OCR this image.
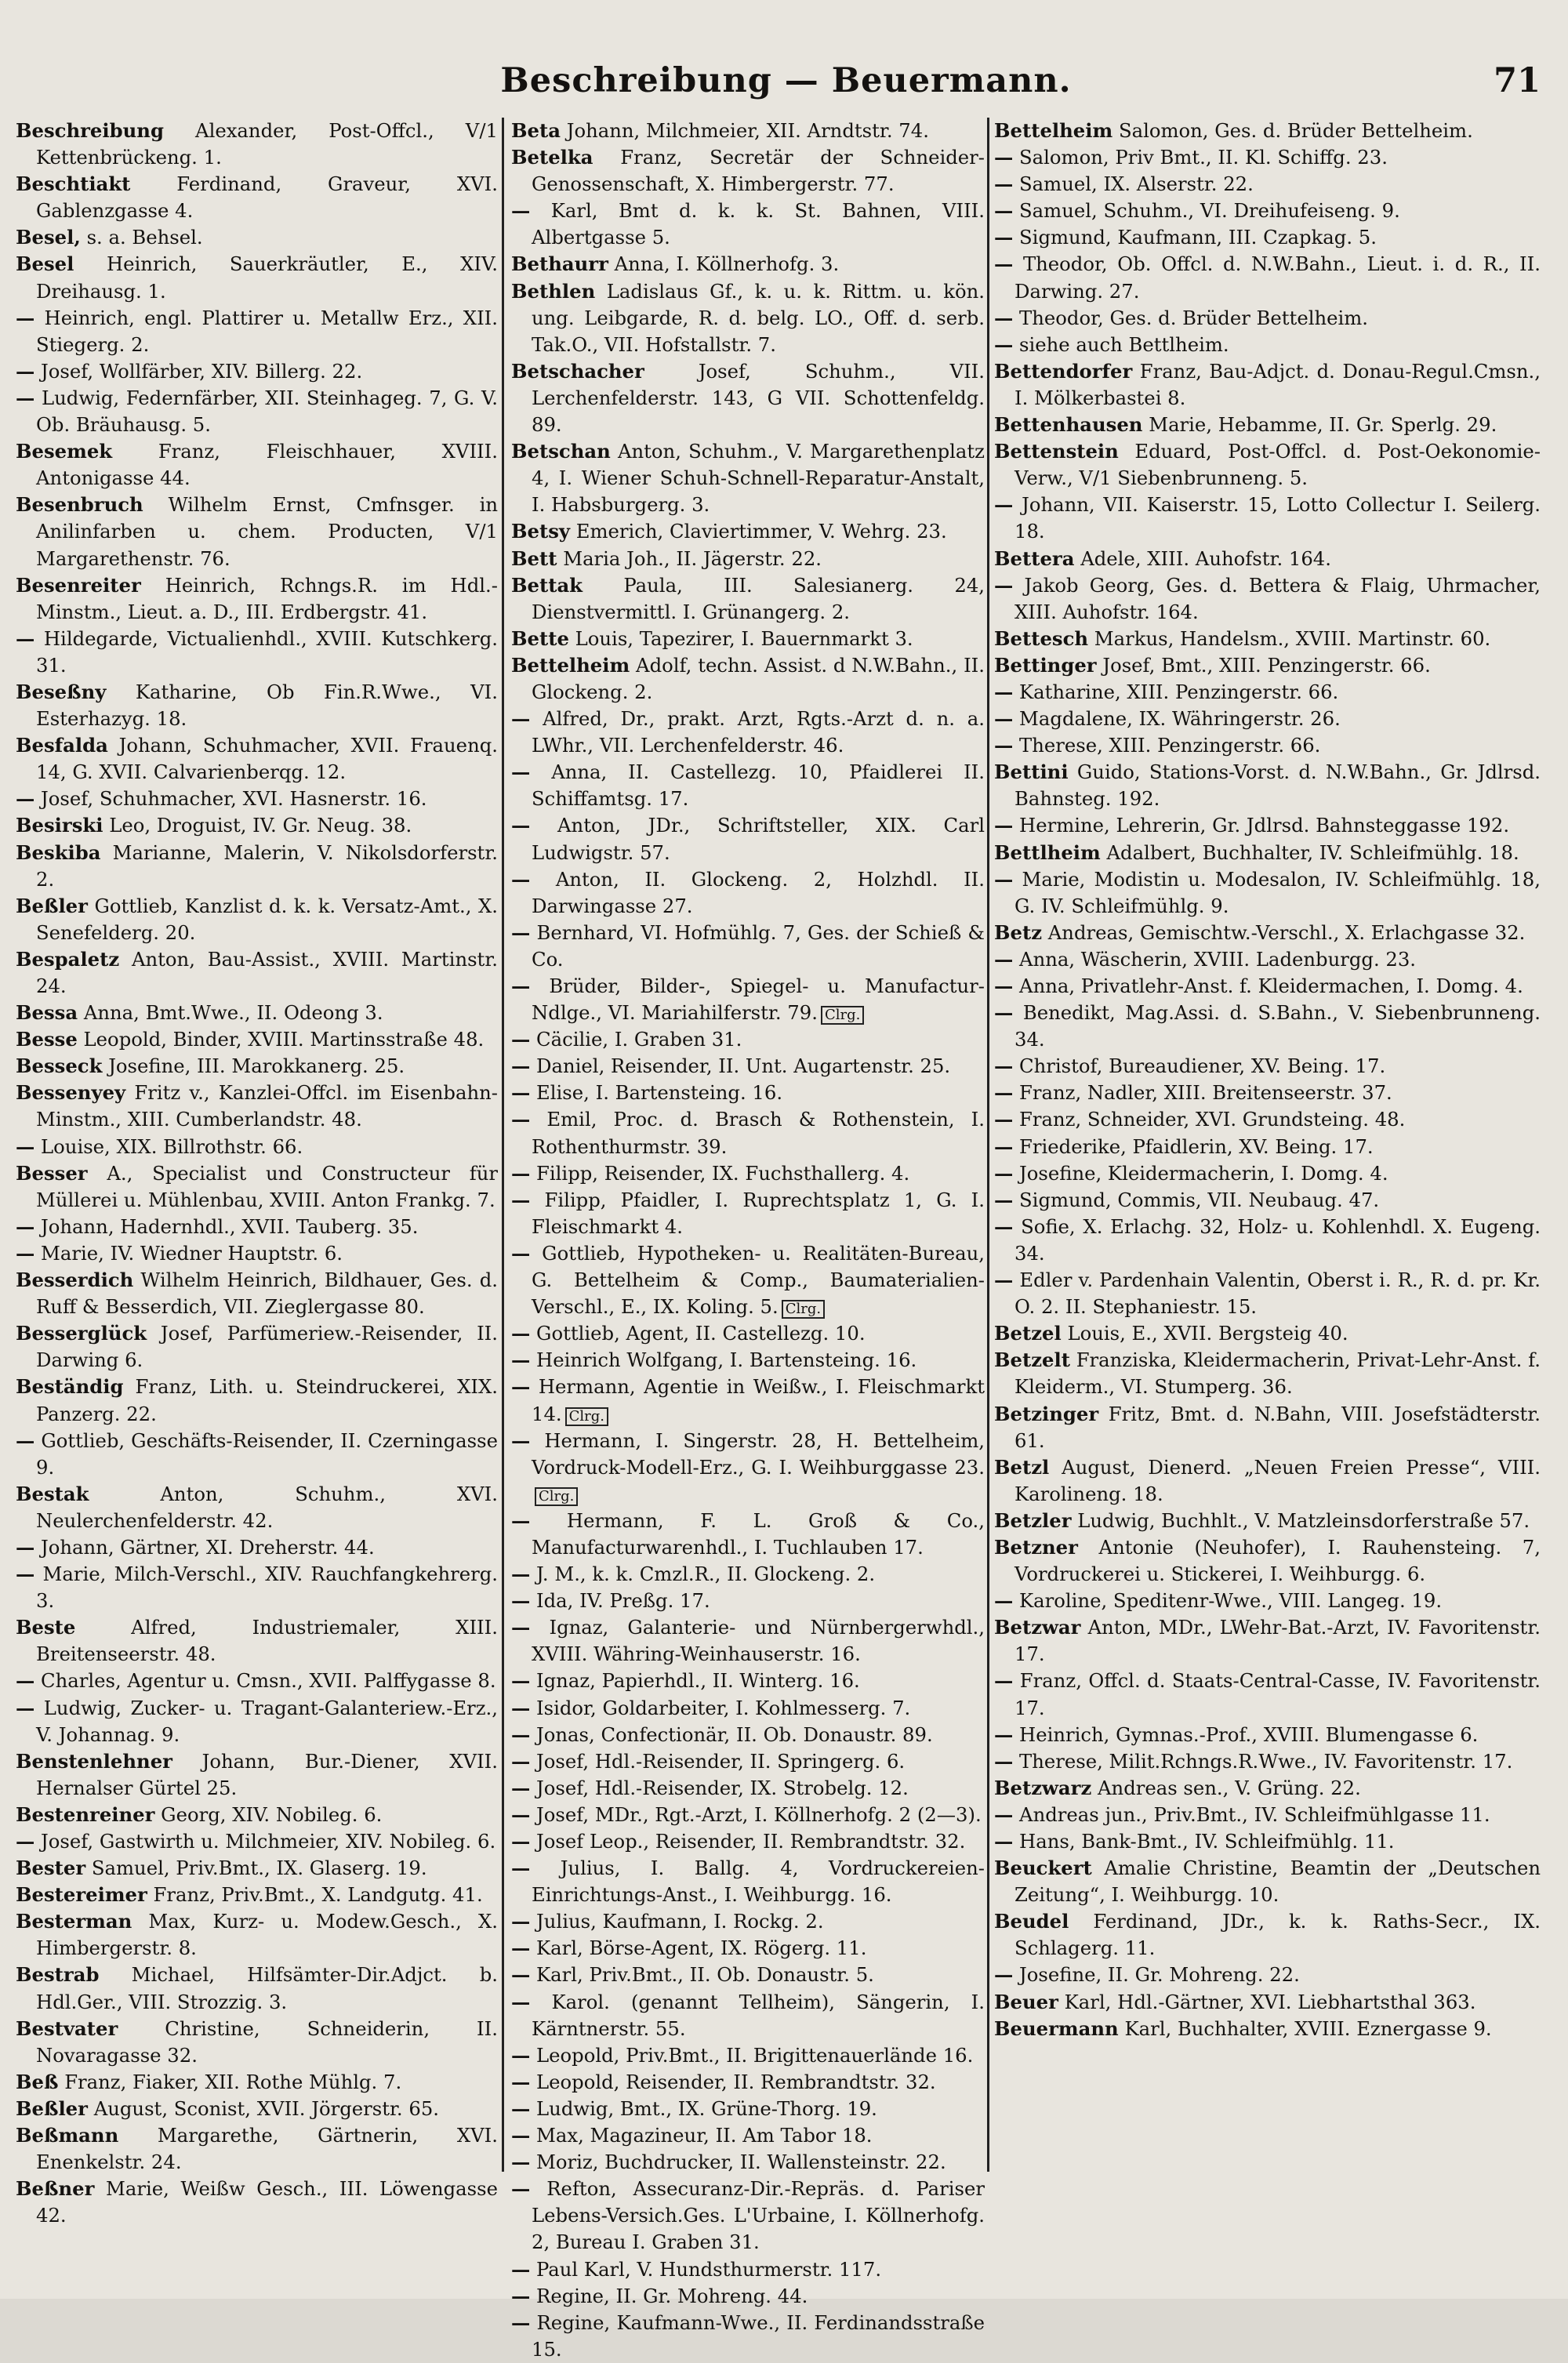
Beschreibung — Beuermann.	71

Beschreibung Alexander, Post-Offcl., V/1 Kettenbrückeng. 1.

Beschtiakt Ferdinand, Graveur, XVI. Gablenzgasse 4.

Besel, s. a. Behsel.

Besel Heinrich, Sauerkräutler, E., XIV. Dreihausg. 1.

— Heinrich, engl. Plattirer u. Metallw Erz., XII. Stiegerg. 2.

— Josef, Wollfärber, XIV. Billerg. 22.

— Ludwig, Federnfärber, XII. Steinhageg. 7, G. V. Ob. Bräuhausg. 5.

Besemek Franz, Fleischhauer, XVIII. Antonigasse 44.

Besenbruch Wilhelm Ernst, Cmfnsger. in Anilinfarben u. chem. Producten, V/1 Margarethenstr. 76.

Besenreiter Heinrich, Rchngs.R. im Hdl.-Minstm., Lieut. a. D., III. Erdbergstr. 41.

— Hildegarde, Victualienhdl., XVIII. Kutschkerg. 31.

Beseßny Katharine, Ob Fin.R.Wwe., VI. Esterhazyg. 18.

Besfalda Johann, Schuhmacher, XVII. Frauenq. 14, G. XVII. Calvarienberqg. 12.

— Josef, Schuhmacher, XVI. Hasnerstr. 16.

Besirski Leo, Droguist, IV. Gr. Neug. 38.

Beskiba Marianne, Malerin, V. Nikolsdorferstr. 2.

Beßler Gottlieb, Kanzlist d. k. k. Versatz-Amt., X. Senefelderg. 20.

Bespaletz Anton, Bau-Assist., XVIII. Martinstr. 24.

Bessa Anna, Bmt.Wwe., II. Odeong 3.

Besse Leopold, Binder, XVIII. Martinsstraße 48.

Besseck Josefine, III. Marokkanerg. 25.

Bessenyey Fritz v., Kanzlei-Offcl. im Eisenbahn-Minstm., XIII. Cumberlandstr. 48.

— Louise, XIX. Billrothstr. 66.

Besser A., Specialist und Constructeur für Müllerei u. Mühlenbau, XVIII. Anton Frankg. 7.

— Johann, Hadernhdl., XVII. Tauberg. 35.

— Marie, IV. Wiedner Hauptstr. 6.

Besserdich Wilhelm Heinrich, Bildhauer, Ges. d. Ruff & Besserdich, VII. Zieglergasse 80.

Besserglück Josef, Parfümeriew.-Reisender, II. Darwing 6.

Beständig Franz, Lith. u. Steindruckerei, XIX. Panzerg. 22.

— Gottlieb, Geschäfts-Reisender, II. Czerningasse 9.

Bestak	Anton, Schuhm., XVI. Neulerchenfelderstr. 42.

— Johann, Gärtner, XI. Dreherstr. 44.

— Marie, Milch-Verschl., XIV. Rauchfangkehrerg. 3.

Beste	Alfred, Industriemaler, XIII. Breitenseerstr. 48.

— Charles, Agentur u. Cmsn., XVII. Palffygasse 8.

— Ludwig, Zucker- u. Tragant-Galanteriew.-Erz., V. Johannag. 9.

Benstenlehner Johann, Bur.-Diener, XVII. Hernalser Gürtel 25.

Bestenreiner Georg, XIV. Nobileg. 6.

— Josef, Gastwirth u. Milchmeier, XIV. Nobileg. 6.

Bester Samuel, Priv.Bmt., IX. Glaserg. 19.

Bestereimer Franz, Priv.Bmt., X. Landgutg. 41.

Besterman Max, Kurz- u. Modew.Gesch., X. Himbergerstr. 8.

Bestrab Michael, Hilfsämter-Dir.Adjct. b. Hdl.Ger., VIII. Strozzig. 3.

Bestvater Christine, Schneiderin, II. Novaragasse 32.

Beß Franz, Fiaker, XII. Rothe Mühlg. 7.

Beßler August, Sconist, XVII. Jörgerstr. 65.

Beßmann Margarethe, Gärtnerin, XVI. Enenkelstr. 24.

Beßner Marie, Weißw Gesch., III. Löwengasse 42.

Beta Johann, Milchmeier, XII. Arndtstr. 74.

Betelka Franz, Secretär der Schneider-Genossenschaft, X. Himbergerstr. 77.

— Karl, Bmt d. k. k. St. Bahnen, VIII. Albertgasse 5.

Bethaurr Anna, I. Köllnerhofg. 3.

Bethlen Ladislaus Gf., k. u. k. Rittm. u. kön. ung. Leibgarde, R. d. belg. LO., Off. d. serb. Tak.O., VII. Hofstallstr. 7.

Betschacher	Josef, Schuhm., VII. Lerchenfelderstr. 143, G VII. Schottenfeldg. 89.

Betschan Anton, Schuhm., V. Margarethenplatz 4, I. Wiener Schuh-Schnell-Reparatur-Anstalt, I. Habsburgerg. 3.

Betsy Emerich, Claviertimmer, V. Wehrg. 23.

Bett Maria Joh., II. Jägerstr. 22.

Bettak Paula, III. Salesianerg. 24, Dienstvermittl. I. Grünangerg. 2.

Bette Louis, Tapezirer, I. Bauernmarkt 3.

Bettelheim Adolf, techn. Assist. d N.W.Bahn., II. Glockeng. 2.

— Alfred, Dr., prakt. Arzt, Rgts.-Arzt d. n. a. LWhr., VII. Lerchenfelderstr. 46.

— Anna, II. Castellezg. 10, Pfaidlerei II. Schiffamtsg. 17.

— Anton, JDr., Schriftsteller, XIX. Carl Ludwigstr. 57.

— Anton, II. Glockeng. 2, Holzhdl. II. Darwingasse 27.

— Bernhard, VI. Hofmühlg. 7, Ges. der Schieß & Co.

— Brüder, Bilder-, Spiegel- u. Manufactur-Ndlge., VI. Mariahilferstr. 79. Clrg.

— Cäcilie, I. Graben 31.

— Daniel, Reisender, II. Unt. Augartenstr. 25.

— Elise, I. Bartensteing. 16.

— Emil, Proc. d. Brasch & Rothenstein, I. Rothenthurmstr. 39.

— Filipp, Reisender, IX. Fuchsthallerg. 4.

— Filipp, Pfaidler, I. Ruprechtsplatz 1, G. I. Fleischmarkt 4.

— Gottlieb, Hypotheken- u. Realitäten-Bureau, G. Bettelheim & Comp., Baumaterialien-Verschl., E., IX. Koling. 5. Clrg.

— Gottlieb, Agent, II. Castellezg. 10.

— Heinrich Wolfgang, I. Bartensteing. 16.

— Hermann, Agentie in Weißw., I. Fleischmarkt 14. Clrg.

— Hermann, I. Singerstr. 28, H. Bettelheim, Vordruck-Modell-Erz., G. I. Weihburggasse 23.Clrg.

— Hermann, F. L. Groß & Co., Manufacturwarenhdl., I. Tuchlauben 17.

— J. M., k. k. Cmzl.R., II. Glockeng. 2.

— Ida, IV. Preßg. 17.

— Ignaz, Galanterie- und Nürnbergerwhdl., XVIII. Währing-Weinhauserstr. 16.

— Ignaz, Papierhdl., II. Winterg. 16.

— Isidor, Goldarbeiter, I. Kohlmesserg. 7.

— Jonas, Confectionär, II. Ob. Donaustr. 89.

— Josef, Hdl.-Reisender, II. Springerg. 6.

— Josef, Hdl.-Reisender, IX. Strobelg. 12.

— Josef, MDr., Rgt.-Arzt, I. Köllnerhofg. 2 (2—3).

— Josef Leop., Reisender, II. Rembrandtstr. 32.

— Julius, I. Ballg. 4, Vordruckereien-Einrichtungs-Anst., I. Weihburgg. 16.

— Julius, Kaufmann, I. Rockg. 2.

— Karl, Börse-Agent, IX. Rögerg. 11.

— Karl, Priv.Bmt., II. Ob. Donaustr. 5.

— Karol. (genannt Tellheim), Sängerin, I. Kärntnerstr. 55.

— Leopold, Priv.Bmt., II. Brigittenauerlände 16.

— Leopold, Reisender, II. Rembrandtstr. 32.

— Ludwig, Bmt., IX. Grüne-Thorg. 19.

— Max, Magazineur, II. Am Tabor 18.

— Moriz, Buchdrucker, II. Wallensteinstr. 22.

— Refton, Assecuranz-Dir.-Repräs. d. Pariser Lebens-Versich.Ges. L'Urbaine, I. Köllnerhofg. 2, Bureau I. Graben 31.

— Paul Karl, V. Hundsthurmerstr. 117.

— Regine, II. Gr. Mohreng. 44.

— Regine, Kaufmann-Wwe., II. Ferdinandsstraße 15.

Bettelheim Salomon, Ges. d. Brüder Bettelheim.

— Salomon, Priv Bmt., II. Kl. Schiffg. 23.

— Samuel, IX. Alserstr. 22.

— Samuel, Schuhm., VI. Dreihufeiseng. 9.

— Sigmund, Kaufmann, III. Czapkag. 5.

— Theodor, Ob. Offcl. d. N.W.Bahn., Lieut. i. d. R., II. Darwing. 27.

— Theodor, Ges. d. Brüder Bettelheim.

— siehe auch Bettlheim.

Bettendorfer Franz, Bau-Adjct. d. Donau-Regul.Cmsn., I. Mölkerbastei 8.

Bettenhausen Marie, Hebamme, II. Gr. Sperlg. 29.

Bettenstein Eduard, Post-Offcl. d. Post-Oekonomie-Verw., V/1 Siebenbrunneng. 5.

— Johann, VII. Kaiserstr. 15, Lotto Collectur I. Seilerg. 18.

Bettera Adele, XIII. Auhofstr. 164.

— Jakob Georg, Ges. d. Bettera & Flaig, Uhrmacher, XIII. Auhofstr. 164.

Bettesch Markus, Handelsm., XVIII. Martinstr. 60.

Bettinger Josef, Bmt., XIII. Penzingerstr. 66.

— Katharine, XIII. Penzingerstr. 66.

— Magdalene, IX. Währingerstr. 26.

— Therese, XIII. Penzingerstr. 66.

Bettini Guido, Stations-Vorst. d. N.W.Bahn., Gr. Jdlrsd. Bahnsteg. 192.

— Hermine, Lehrerin, Gr. Jdlrsd. Bahnsteggasse 192.

Bettlheim Adalbert, Buchhalter, IV. Schleifmühlg. 18.

— Marie, Modistin u. Modesalon, IV. Schleifmühlg. 18, G. IV. Schleifmühlg. 9.

Betz Andreas, Gemischtw.-Verschl., X. Erlachgasse 32.

— Anna, Wäscherin, XVIII. Ladenburgg. 23.

— Anna, Privatlehr-Anst. f. Kleidermachen, I. Domg. 4.

— Benedikt, Mag.Assi. d. S.Bahn., V. Siebenbrunneng. 34.

— Christof, Bureaudiener, XV. Being. 17.

— Franz, Nadler, XIII. Breitenseerstr. 37.

— Franz, Schneider, XVI. Grundsteing. 48.

— Friederike, Pfaidlerin, XV. Being. 17.

— Josefine, Kleidermacherin, I. Domg. 4.

— Sigmund, Commis, VII. Neubaug. 47.

— Sofie, X. Erlachg. 32, Holz- u. Kohlenhdl. X. Eugeng. 34.

— Edler v. Pardenhain Valentin, Oberst i. R., R. d. pr. Kr. O. 2. II. Stephaniestr. 15.

Betzel Louis, E., XVII. Bergsteig 40.

Betzelt Franziska, Kleidermacherin, Privat-Lehr-Anst. f. Kleiderm., VI. Stumperg. 36.

Betzinger Fritz, Bmt. d. N.Bahn, VIII. Josefstädterstr. 61.

Betzl August, Dienerd. „Neuen Freien Presse“, VIII. Karolineng. 18.

Betzler Ludwig, Buchhlt., V. Matzleinsdorferstraße 57.

Betzner Antonie (Neuhofer), I. Rauhensteing. 7, Vordruckerei u. Stickerei, I. Weihburgg. 6.

— Karoline, Speditenr-Wwe., VIII. Langeg. 19.

Betzwar Anton, MDr., LWehr-Bat.-Arzt, IV. Favoritenstr. 17.

— Franz, Offcl. d. Staats-Central-Casse, IV. Favoritenstr. 17.

— Heinrich, Gymnas.-Prof., XVIII. Blumengasse 6.

— Therese, Milit.Rchngs.R.Wwe., IV. Favoritenstr. 17.

Betzwarz Andreas sen., V. Grüng. 22.

— Andreas jun., Priv.Bmt., IV. Schleifmühlgasse 11.

— Hans, Bank-Bmt., IV. Schleifmühlg. 11.

Beuckert Amalie Christine, Beamtin der „Deutschen Zeitung“, I. Weihburgg. 10.

Beudel Ferdinand, JDr., k. k. Raths-Secr., IX. Schlagerg. 11.

— Josefine, II. Gr. Mohreng. 22.

Beuer Karl, Hdl.-Gärtner, XVI. Liebhartsthal 363.

Beuermann Karl, Buchhalter, XVIII. Eznergasse 9.
